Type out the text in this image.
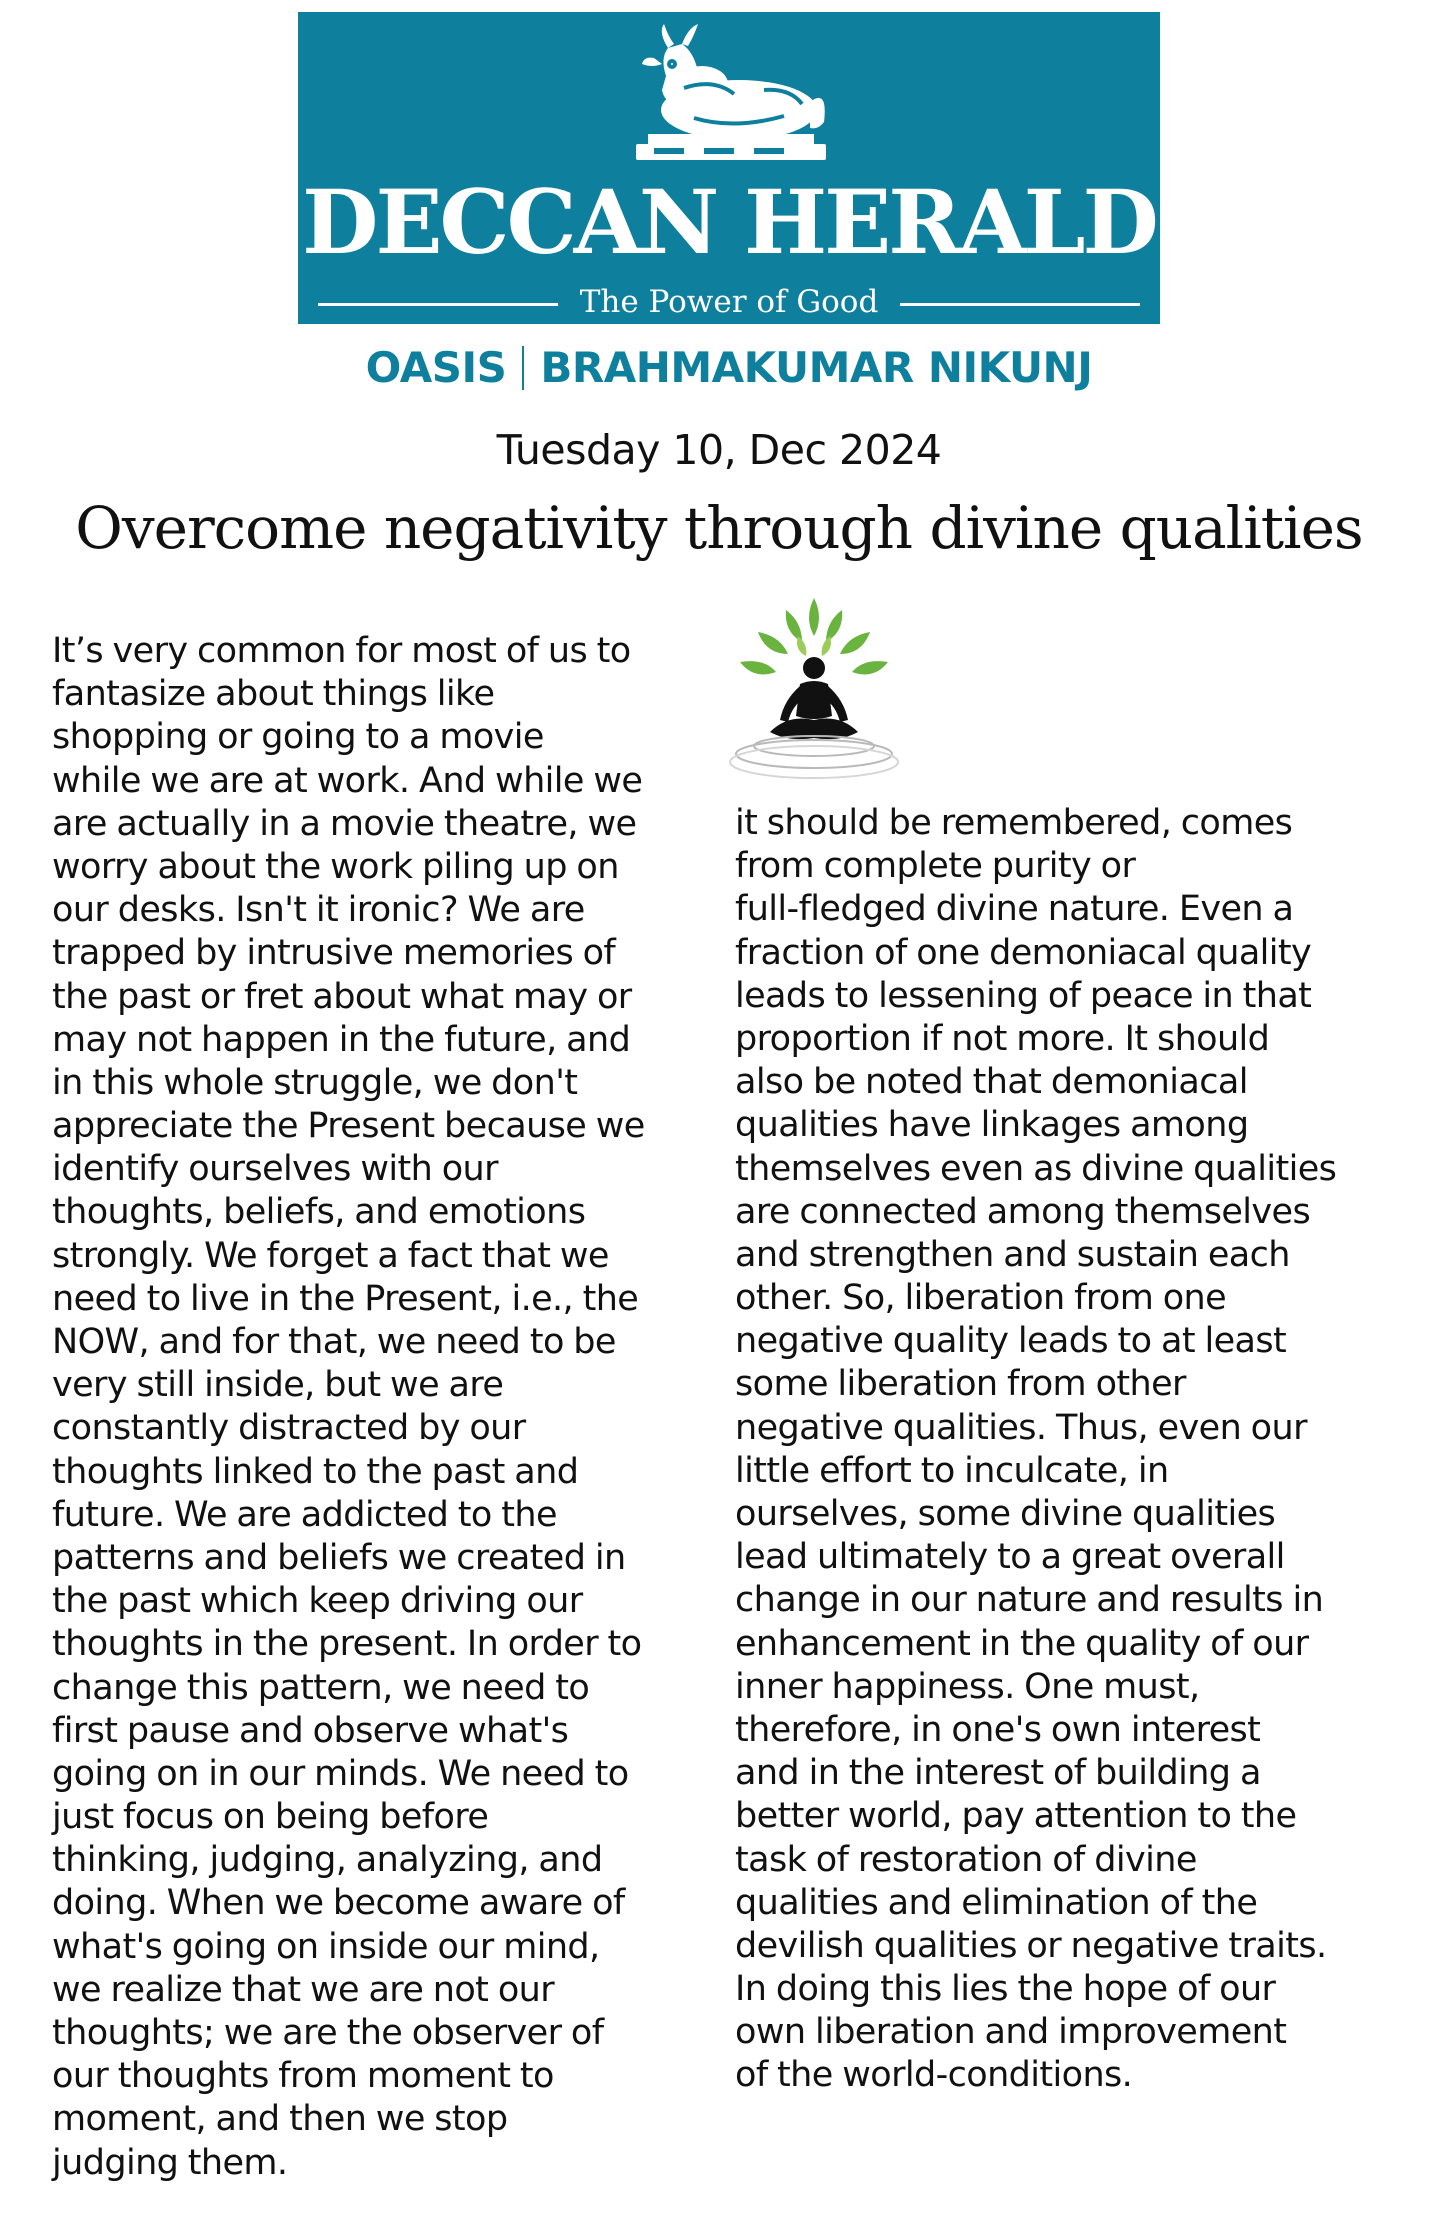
DECCAN HERALD
The Power of Good
OASIS BRAHMAKUMAR NIKUNJ
Tuesday 10, Dec 2024
Overcome negativity through divine qualities
It’s very common for most of us to
fantasize about things like
shopping or going to a movie
while we are at work. And while we
are actually in a movie theatre, we
worry about the work piling up on
our desks. Isn't it ironic? We are
trapped by intrusive memories of
the past or fret about what may or
may not happen in the future, and
in this whole struggle, we don't
appreciate the Present because we
identify ourselves with our
thoughts, beliefs, and emotions
strongly. We forget a fact that we
need to live in the Present, i.e., the
NOW, and for that, we need to be
very still inside, but we are
constantly distracted by our
thoughts linked to the past and
future. We are addicted to the
patterns and beliefs we created in
the past which keep driving our
thoughts in the present. In order to
change this pattern, we need to
first pause and observe what's
going on in our minds. We need to
just focus on being before
thinking, judging, analyzing, and
doing. When we become aware of
what's going on inside our mind,
we realize that we are not our
thoughts; we are the observer of
our thoughts from moment to
moment, and then we stop
judging them.
it should be remembered, comes
from complete purity or
full-fledged divine nature. Even a
fraction of one demoniacal quality
leads to lessening of peace in that
proportion if not more. It should
also be noted that demoniacal
qualities have linkages among
themselves even as divine qualities
are connected among themselves
and strengthen and sustain each
other. So, liberation from one
negative quality leads to at least
some liberation from other
negative qualities. Thus, even our
little effort to inculcate, in
ourselves, some divine qualities
lead ultimately to a great overall
change in our nature and results in
enhancement in the quality of our
inner happiness. One must,
therefore, in one's own interest
and in the interest of building a
better world, pay attention to the
task of restoration of divine
qualities and elimination of the
devilish qualities or negative traits.
In doing this lies the hope of our
own liberation and improvement
of the world-conditions.
